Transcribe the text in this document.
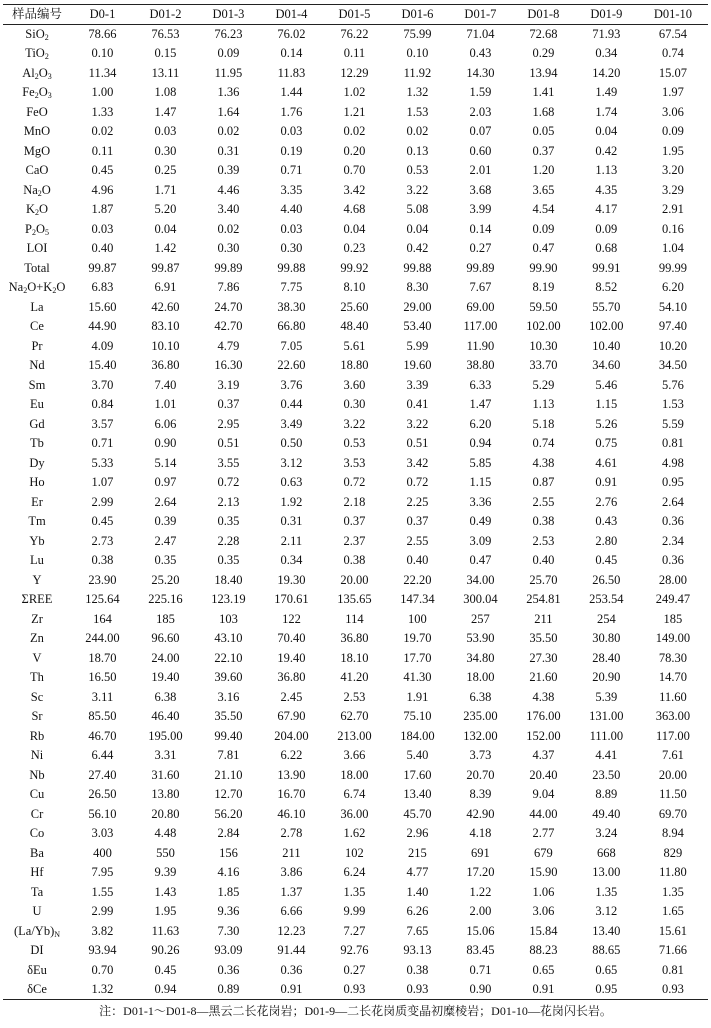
样品编号	D0-1	D01-2	D01-3	D01-4	D01-5	D01-6	D01-7	D01-8	D01-9	D01-10
SiO$_2$	78.66	76.53	76.23	76.02	76.22	75.99	71.04	72.68	71.93	67.54
TiO$_2$	0.10	0.15	0.09	0.14	0.11	0.10	0.43	0.29	0.34	0.74
$Al_2O_3$	11.34	13.11	11.95	11.83	12.29	11.92	14.30	13.94	14.20	15.07
$Fe_2O_3$	1.00	1.08	1.36	1.44	1.02	1.32	1.59	1.41	1.49	1.97
FeO	1.33	1.47	1.64	1.76	1.21	1.53	2.03	1.68	1.74	3.06
MnO	0.02	0.03	0.02	0.03	0.02	0.02	0.07	0.05	0.04	0.09
MgO	0.11	0.30	0.31	0.19	0.20	0.13	0.60	0.37	0.42	1.95
CaO	0.45	0.25	0.39	0.71	0.70	0.53	2.01	1.20	1.13	3.20
$Na_2O$	4.96	1.71	4.46	3.35	3.42	3.22	3.68	3.65	4.35	3.29
$K_2O$	1.87	5.20	3.40	4.40	4.68	5.08	3.99	4.54	4.17	2.91
$P_2O_5$	0.03	0.04	0.02	0.03	0.04	0.04	0.14	0.09	0.09	0.16
LOI	0.40	1.42	0.30	0.30	0.23	0.42	0.27	0.47	0.68	1.04
Total	99.87	99.87	99.89	99.88	99.92	99.88	99.89	99.90	99.91	99.99
$Na_2O+K_2O$	6.83	6.91	7.86	7.75	8.10	8.30	7.67	8.19	8.52	6.20
La	15.60	42.60	24.70	38.30	25.60	29.00	69.00	59.50	55.70	54.10
Ce	44.90	83.10	42.70	66.80	48.40	53.40	117.00	102.00	102.00	97.40
Pr	4.09	10.10	4.79	7.05	5.61	5.99	11.90	10.30	10.40	10.20
Nd	15.40	36.80	16.30	22.60	18.80	19.60	38.80	33.70	34.60	34.50
Sm	3.70	7.40	3.19	3.76	3.60	3.39	6.33	5.29	5.46	5.76
Eu	0.84	1.01	0.37	0.44	0.30	0.41	1.47	1.13	1.15	1.53
Gd	3.57	6.06	2.95	3.49	3.22	3.22	6.20	5.18	5.26	5.59
Tb	0.71	0.90	0.51	0.50	0.53	0.51	0.94	0.74	0.75	0.81
Dy	5.33	5.14	3.55	3.12	3.53	3.42	5.85	4.38	4.61	4.98
Ho	1.07	0.97	0.72	0.63	0.72	0.72	1.15	0.87	0.91	0.95
Er	2.99	2.64	2.13	1.92	2.18	2.25	3.36	2.55	2.76	2.64
Tm	0.45	0.39	0.35	0.31	0.37	0.37	0.49	0.38	0.43	0.36
Yb	2.73	2.47	2.28	2.11	2.37	2.55	3.09	2.53	2.80	2.34
Lu	0.38	0.35	0.35	0.34	0.38	0.40	0.47	0.40	0.45	0.36
Y	23.90	25.20	18.40	19.30	20.00	22.20	34.00	25.70	26.50	28.00
ΣREE	125.64	225.16	123.19	170.61	135.65	147.34	300.04	254.81	253.54	249.47
Zr	164	185	103	122	114	100	257	211	254	185
Zn	244.00	96.60	43.10	70.40	36.80	19.70	53.90	35.50	30.80	149.00
V	18.70	24.00	22.10	19.40	18.10	17.70	34.80	27.30	28.40	78.30
Th	16.50	19.40	39.60	36.80	41.20	41.30	18.00	21.60	20.90	14.70
Sc	3.11	6.38	3.16	2.45	2.53	1.91	6.38	4.38	5.39	11.60
Sr	85.50	46.40	35.50	67.90	62.70	75.10	235.00	176.00	131.00	363.00
Rb	46.70	195.00	99.40	204.00	213.00	184.00	132.00	152.00	111.00	117.00
Ni	6.44	3.31	7.81	6.22	3.66	5.40	3.73	4.37	4.41	7.61
Nb	27.40	31.60	21.10	13.90	18.00	17.60	20.70	20.40	23.50	20.00
Cu	26.50	13.80	12.70	16.70	6.74	13.40	8.39	9.04	8.89	11.50
Cr	56.10	20.80	56.20	46.10	36.00	45.70	42.90	44.00	49.40	69.70
Co	3.03	4.48	2.84	2.78	1.62	2.96	4.18	2.77	3.24	8.94
Ba	400	550	156	211	102	215	691	679	668	829
Hf	7.95	9.39	4.16	3.86	6.24	4.77	17.20	15.90	13.00	11.80
Ta	1.55	1.43	1.85	1.37	1.35	1.40	1.22	1.06	1.35	1.35
U	2.99	1.95	9.36	6.66	9.99	6.26	2.00	3.06	3.12	1.65
$(La/Yb)_N$	3.82	11.63	7.30	12.23	7.27	7.65	15.06	15.84	13.40	15.61
DI	93.94	90.26	93.09	91.44	92.76	93.13	83.45	88.23	88.65	71.66
δEu	0.70	0.45	0.36	0.36	0.27	0.38	0.71	0.65	0.65	0.81
δCe	1.32	0.94	0.89	0.91	0.93	0.93	0.90	0.91	0.95	0.93
注：D01-1～D01-8—黑云二长花岗岩；D01-9—二长花岗质变晶初糜棱岩；D01-10—花岗闪长岩。
